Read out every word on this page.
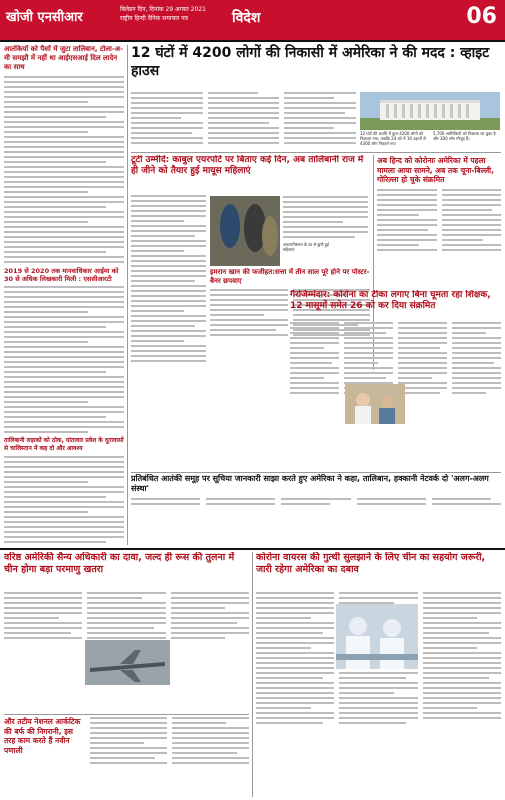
खोजी एनसीआर
बिलेडन दिन, दिनांक 29 अगस्त 2021
राष्ट्रीय हिन्दी दैनिक समाचार पत्र	विदेश	06
आतंकियों को पैसों में जुटा तालिबान, टोला-अ-मी समझौ में नहीं था आईएसआई दिल लादेन का साथ
2019 से 2020 तक मानवाधिकार आईमा को 30 से अधिक लिखकारी मिली : एससीआरटी
तालिबानी लड़ाकों को ठोक, यांतावार प्रवेश के दूतावासों से चालिस्तान में कह दो और आवश्य
12 घंटों में 4200 लोगों की निकासी में अमेरिका ने की मदद : व्हाइट हाउस
12 घंटों की अवधि में कुल 4200 लोगों को निकाला गया, जबकि 24 घंटे में 16 उड़ानों से 4300 लोग निकाले गए।
5,700 अमेरिकियों को निकाला जा चुका है और 300 लोग मौजूद हैं।
टूटी उम्मीदें: काबुल एयरपोर्ट पर बिताए कई दिन, अब तालिबानी राज में ही जीने को तैयार हुई मायूस महिलाएं
अफगानिस्तान के डर से छुपी हुई महिलाएं
इमरान खान की फजीहत:सत्ता में तीन साल पूरे होने पर पोस्टर-बैनर छपवाए
अब हिन्द को कोरोनाः अमेरिका में पहला मामला आया सामने, अब तक चूना-बिल्ली, गोरिल्ला हो चुके संक्रमित
गैरजिम्मेदार: कोरोना का टीका लगाए बिना घूमता रहा शिक्षक, 12 मासूमों समेत 26 को कर दिया संक्रमित
प्रतिबंधित आतंकी समूह पर सूचिया जानकारी साझा करते हुए अमेरिका ने कहा, तालिबान, हक्कानी नेटवर्क दो 'अलग-अलग संस्था'
वरिष्ठ अमेरिकी सैन्य अधिकारी का दावा, जल्द ही रूस की तुलना में चीन होगा बड़ा परमाणु खतरा
और तटीय नेशनल आर्कटिक की बर्फ की निगरानी, इस तरह काम करते हैं नवीन पणाली
कोरोना वायरस की गुत्थी सुलझाने के लिए चीन का सहयोग जरूरी, जारी रहेगा अमेरिका का दबाव
